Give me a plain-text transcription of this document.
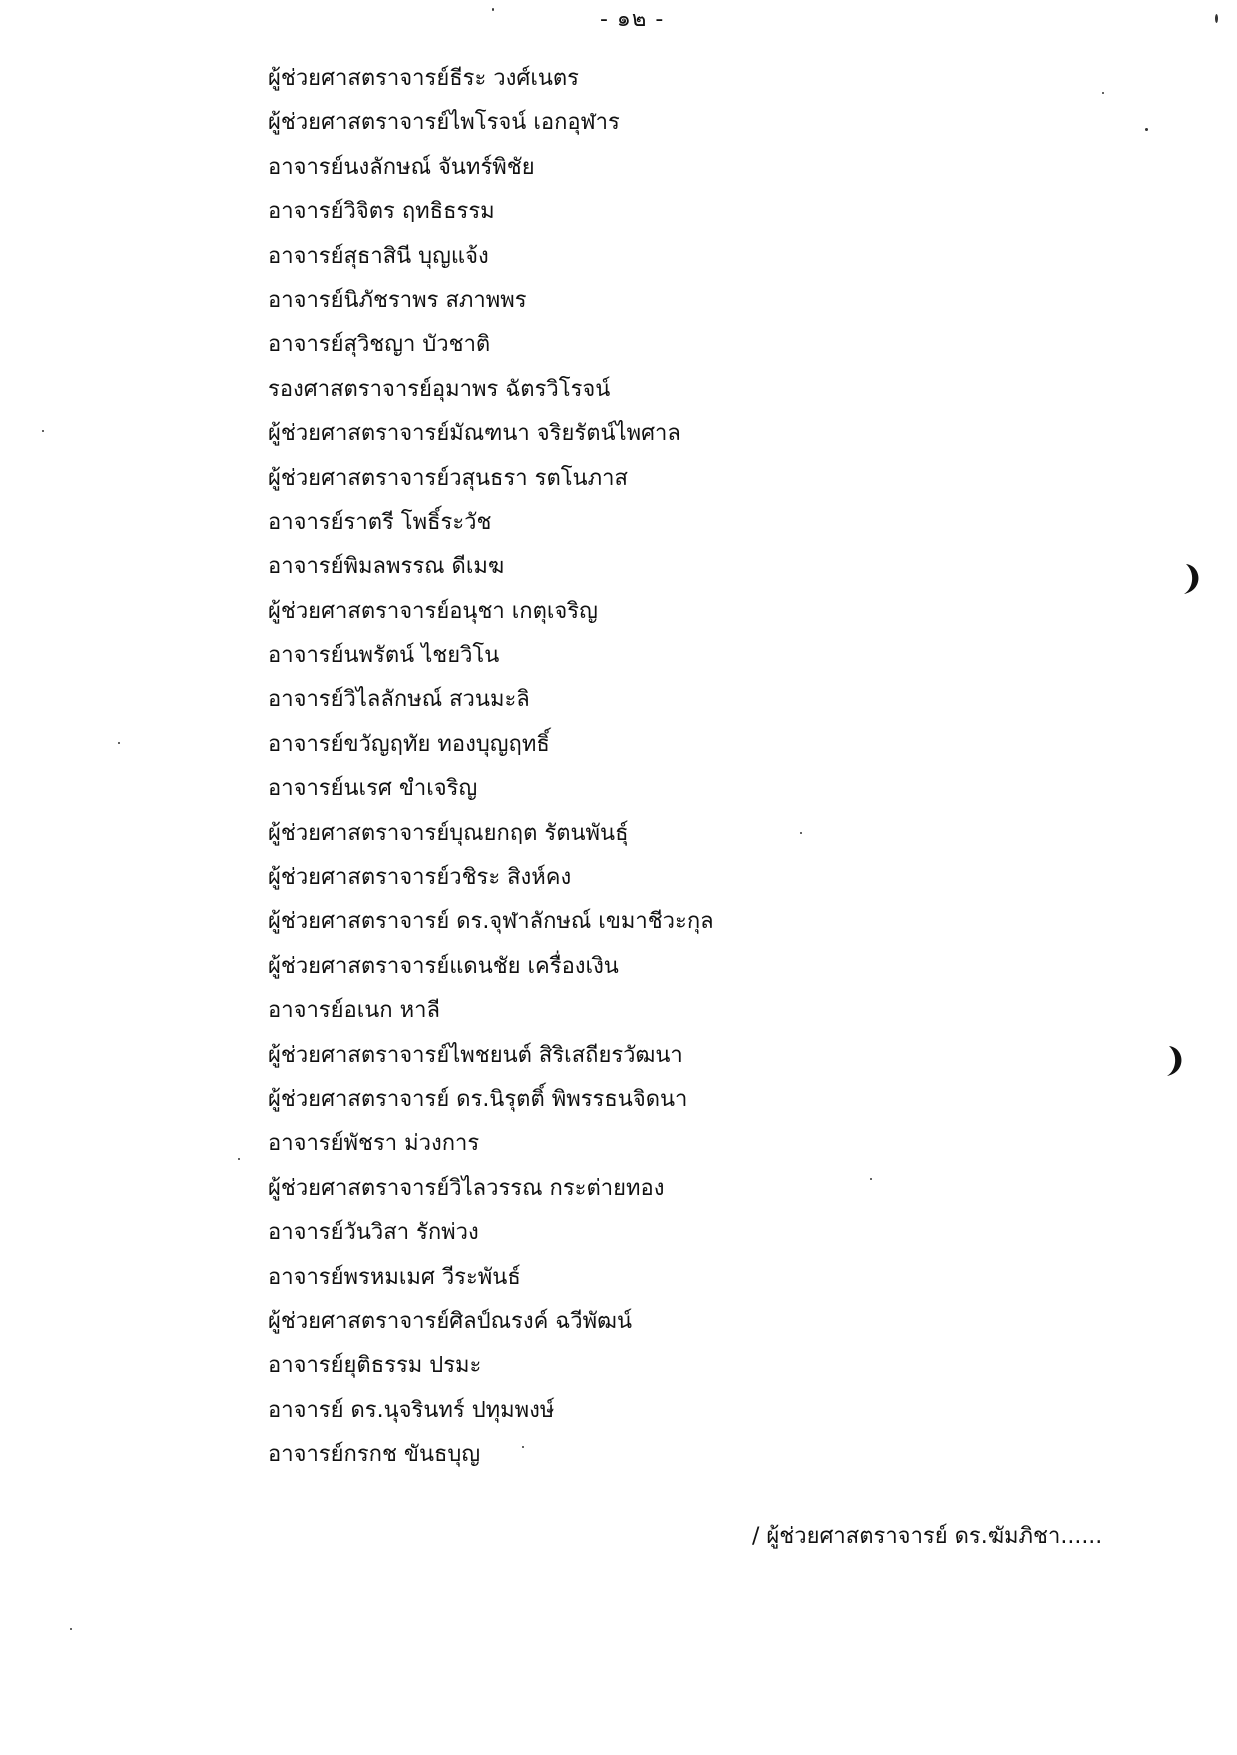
- ๑๒ -
ผู้ช่วยศาสตราจารย์ธีระ วงศ์เนตร
ผู้ช่วยศาสตราจารย์ไพโรจน์ เอกอุฬาร
อาจารย์นงลักษณ์ จันทร์พิชัย
อาจารย์วิจิตร ฤทธิธรรม
อาจารย์สุธาสินี บุญแจ้ง
อาจารย์นิภัชราพร สภาพพร
อาจารย์สุวิชญา บัวชาติ
รองศาสตราจารย์อุมาพร ฉัตรวิโรจน์
ผู้ช่วยศาสตราจารย์มัณฑนา จริยรัตน์ไพศาล
ผู้ช่วยศาสตราจารย์วสุนธรา รตโนภาส
อาจารย์ราตรี โพธิ์ระวัช
อาจารย์พิมลพรรณ ดีเมฆ
ผู้ช่วยศาสตราจารย์อนุชา เกตุเจริญ
อาจารย์นพรัตน์ ไชยวิโน
อาจารย์วิไลลักษณ์ สวนมะลิ
อาจารย์ขวัญฤทัย ทองบุญฤทธิ์
อาจารย์นเรศ ขำเจริญ
ผู้ช่วยศาสตราจารย์บุณยกฤต รัตนพันธุ์
ผู้ช่วยศาสตราจารย์วชิระ สิงห์คง
ผู้ช่วยศาสตราจารย์ ดร.จุฬาลักษณ์ เขมาชีวะกุล
ผู้ช่วยศาสตราจารย์แดนชัย เครื่องเงิน
อาจารย์อเนก หาลี
ผู้ช่วยศาสตราจารย์ไพชยนต์ สิริเสถียรวัฒนา
ผู้ช่วยศาสตราจารย์ ดร.นิรุตติ์ พิพรรธนจิดนา
อาจารย์พัชรา ม่วงการ
ผู้ช่วยศาสตราจารย์วิไลวรรณ กระต่ายทอง
อาจารย์วันวิสา รักพ่วง
อาจารย์พรหมเมศ วีระพันธ์
ผู้ช่วยศาสตราจารย์ศิลป์ณรงค์ ฉวีพัฒน์
อาจารย์ยุติธรรม ปรมะ
อาจารย์ ดร.นุจรินทร์ ปทุมพงษ์
อาจารย์กรกช ขันธบุญ
/ ผู้ช่วยศาสตราจารย์ ดร.ฆัมภิชา......
